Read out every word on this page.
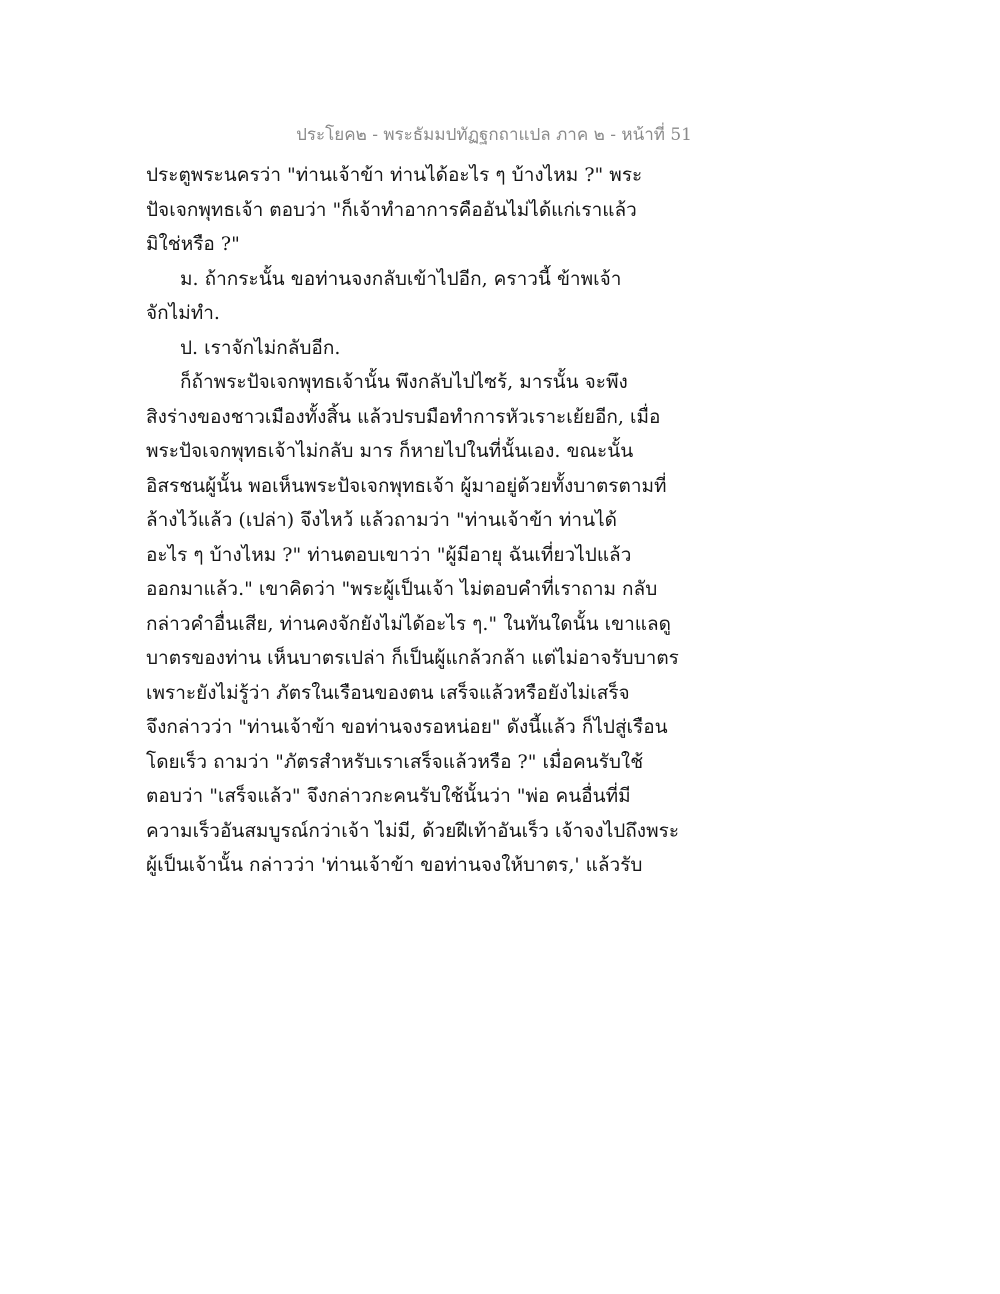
ประโยค๒ - พระธัมมปทัฏฐกถาแปล ภาค ๒ - หน้าที่ 51

ประตูพระนครว่า "ท่านเจ้าข้า ท่านได้อะไร ๆ บ้างไหม ?" พระ
ปัจเจกพุทธเจ้า ตอบว่า "ก็เจ้าทำอาการคืออันไม่ได้แก่เราแล้ว
มิใช่หรือ ?"

ม. ถ้ากระนั้น ขอท่านจงกลับเข้าไปอีก, คราวนี้ ข้าพเจ้า
จักไม่ทำ.

ป. เราจักไม่กลับอีก.

ก็ถ้าพระปัจเจกพุทธเจ้านั้น พึงกลับไปไซร้, มารนั้น จะพึง
สิงร่างของชาวเมืองทั้งสิ้น แล้วปรบมือทำการหัวเราะเย้ยอีก, เมื่อ
พระปัจเจกพุทธเจ้าไม่กลับ มาร ก็หายไปในที่นั้นเอง. ขณะนั้น
อิสรชนผู้นั้น พอเห็นพระปัจเจกพุทธเจ้า ผู้มาอยู่ด้วยทั้งบาตรตามที่
ล้างไว้แล้ว (เปล่า) จึงไหว้ แล้วถามว่า "ท่านเจ้าข้า ท่านได้
อะไร ๆ บ้างไหม ?" ท่านตอบเขาว่า "ผู้มีอายุ ฉันเที่ยวไปแล้ว
ออกมาแล้ว." เขาคิดว่า "พระผู้เป็นเจ้า ไม่ตอบคำที่เราถาม กลับ
กล่าวคำอื่นเสีย, ท่านคงจักยังไม่ได้อะไร ๆ." ในทันใดนั้น เขาแลดู
บาตรของท่าน เห็นบาตรเปล่า ก็เป็นผู้แกล้วกล้า แต่ไม่อาจรับบาตร
เพราะยังไม่รู้ว่า ภัตรในเรือนของตน เสร็จแล้วหรือยังไม่เสร็จ
จึงกล่าวว่า "ท่านเจ้าข้า ขอท่านจงรอหน่อย" ดังนี้แล้ว ก็ไปสู่เรือน
โดยเร็ว ถามว่า "ภัตรสำหรับเราเสร็จแล้วหรือ ?" เมื่อคนรับใช้
ตอบว่า "เสร็จแล้ว" จึงกล่าวกะคนรับใช้นั้นว่า "พ่อ คนอื่นที่มี
ความเร็วอันสมบูรณ์กว่าเจ้า ไม่มี, ด้วยฝีเท้าอันเร็ว เจ้าจงไปถึงพระ
ผู้เป็นเจ้านั้น กล่าวว่า 'ท่านเจ้าข้า ขอท่านจงให้บาตร,' แล้วรับ
